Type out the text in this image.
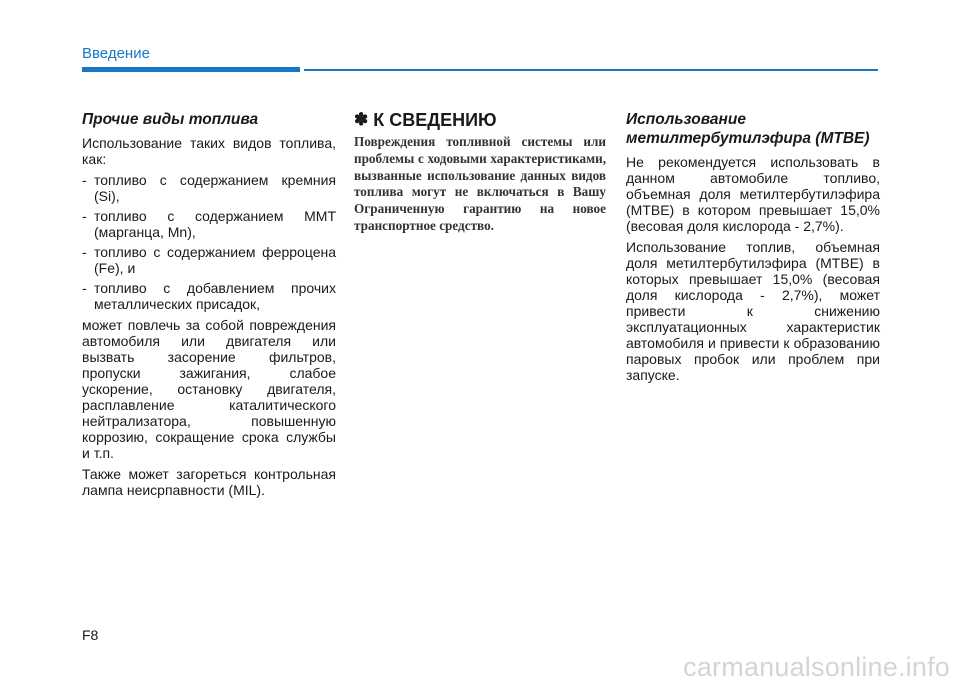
Введение
Прочие виды топлива

Использование таких видов топлива, как:

- топливо с содержанием кремния (Si),
- топливо с содержанием MMT (марганца, Mn),
- топливо с содержанием ферроцена (Fe), и
- топливо с добавлением прочих металлических присадок,

может повлечь за собой повреждения автомобиля или двигателя или вызвать засорение фильтров, пропуски зажигания, слабое ускорение, остановку двигателя, расплавление каталитического нейтрализатора, повышенную коррозию, сокращение срока службы и т.п.

Также может загореться контрольная лампа неисрпавности (MIL).

✽ К СВЕДЕНИЮ

Повреждения топливной системы или проблемы с ходовыми характеристиками, вызванные использование данных видов топлива могут не включаться в Вашу Ограниченную гарантию на новое транспортное средство.

Использование метилтербутилэфира (MTBE)

Не рекомендуется использовать в данном автомобиле топливо, объемная доля метилтербутилэфира (MTBE) в котором превышает 15,0% (весовая доля кислорода - 2,7%).

Использование топлив, объемная доля метилтербутилэфира (MTBE) в которых превышает 15,0% (весовая доля кислорода - 2,7%), может привести к снижению эксплуатационных характеристик автомобиля и привести к образованию паровых пробок или проблем при запуске.

F8
carmanualsonline.info
